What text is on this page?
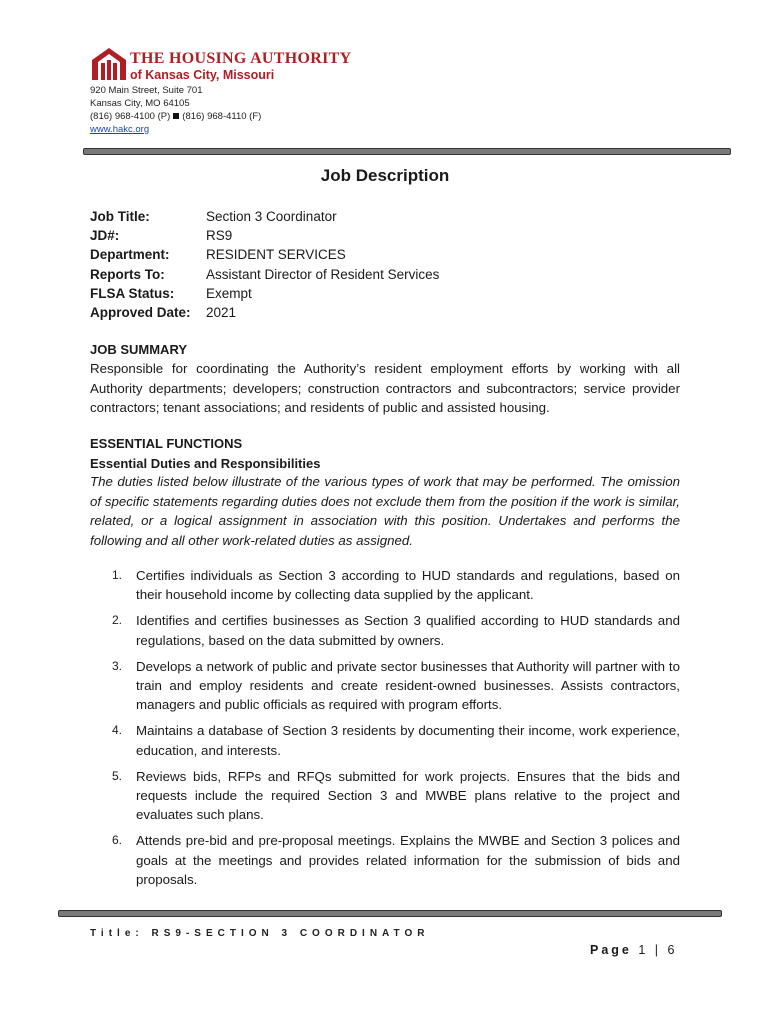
THE HOUSING AUTHORITY
of Kansas City, Missouri
920 Main Street, Suite 701
Kansas City, MO 64105
(816) 968-4100 (P) (816) 968-4110 (F)
www.hakc.org
Job Description
Job Title:	Section 3 Coordinator
JD#:	RS9
Department:	RESIDENT SERVICES
Reports To:	Assistant Director of Resident Services
FLSA Status:	Exempt
Approved Date:	2021
JOB SUMMARY
Responsible for coordinating the Authority’s resident employment efforts by working with all Authority departments; developers; construction contractors and subcontractors; service provider contractors; tenant associations; and residents of public and assisted housing.
ESSENTIAL FUNCTIONS
Essential Duties and Responsibilities
The duties listed below illustrate of the various types of work that may be performed. The omission of specific statements regarding duties does not exclude them from the position if the work is similar, related, or a logical assignment in association with this position. Undertakes and performs the following and all other work-related duties as assigned.
1. Certifies individuals as Section 3 according to HUD standards and regulations, based on their household income by collecting data supplied by the applicant.
2. Identifies and certifies businesses as Section 3 qualified according to HUD standards and regulations, based on the data submitted by owners.
3. Develops a network of public and private sector businesses that Authority will partner with to train and employ residents and create resident-owned businesses. Assists contractors, managers and public officials as required with program efforts.
4. Maintains a database of Section 3 residents by documenting their income, work experience, education, and interests.
5. Reviews bids, RFPs and RFQs submitted for work projects. Ensures that the bids and requests include the required Section 3 and MWBE plans relative to the project and evaluates such plans.
6. Attends pre-bid and pre-proposal meetings. Explains the MWBE and Section 3 polices and goals at the meetings and provides related information for the submission of bids and proposals.
Title: RS9-SECTION 3 COORDINATOR
Page 1 | 6
